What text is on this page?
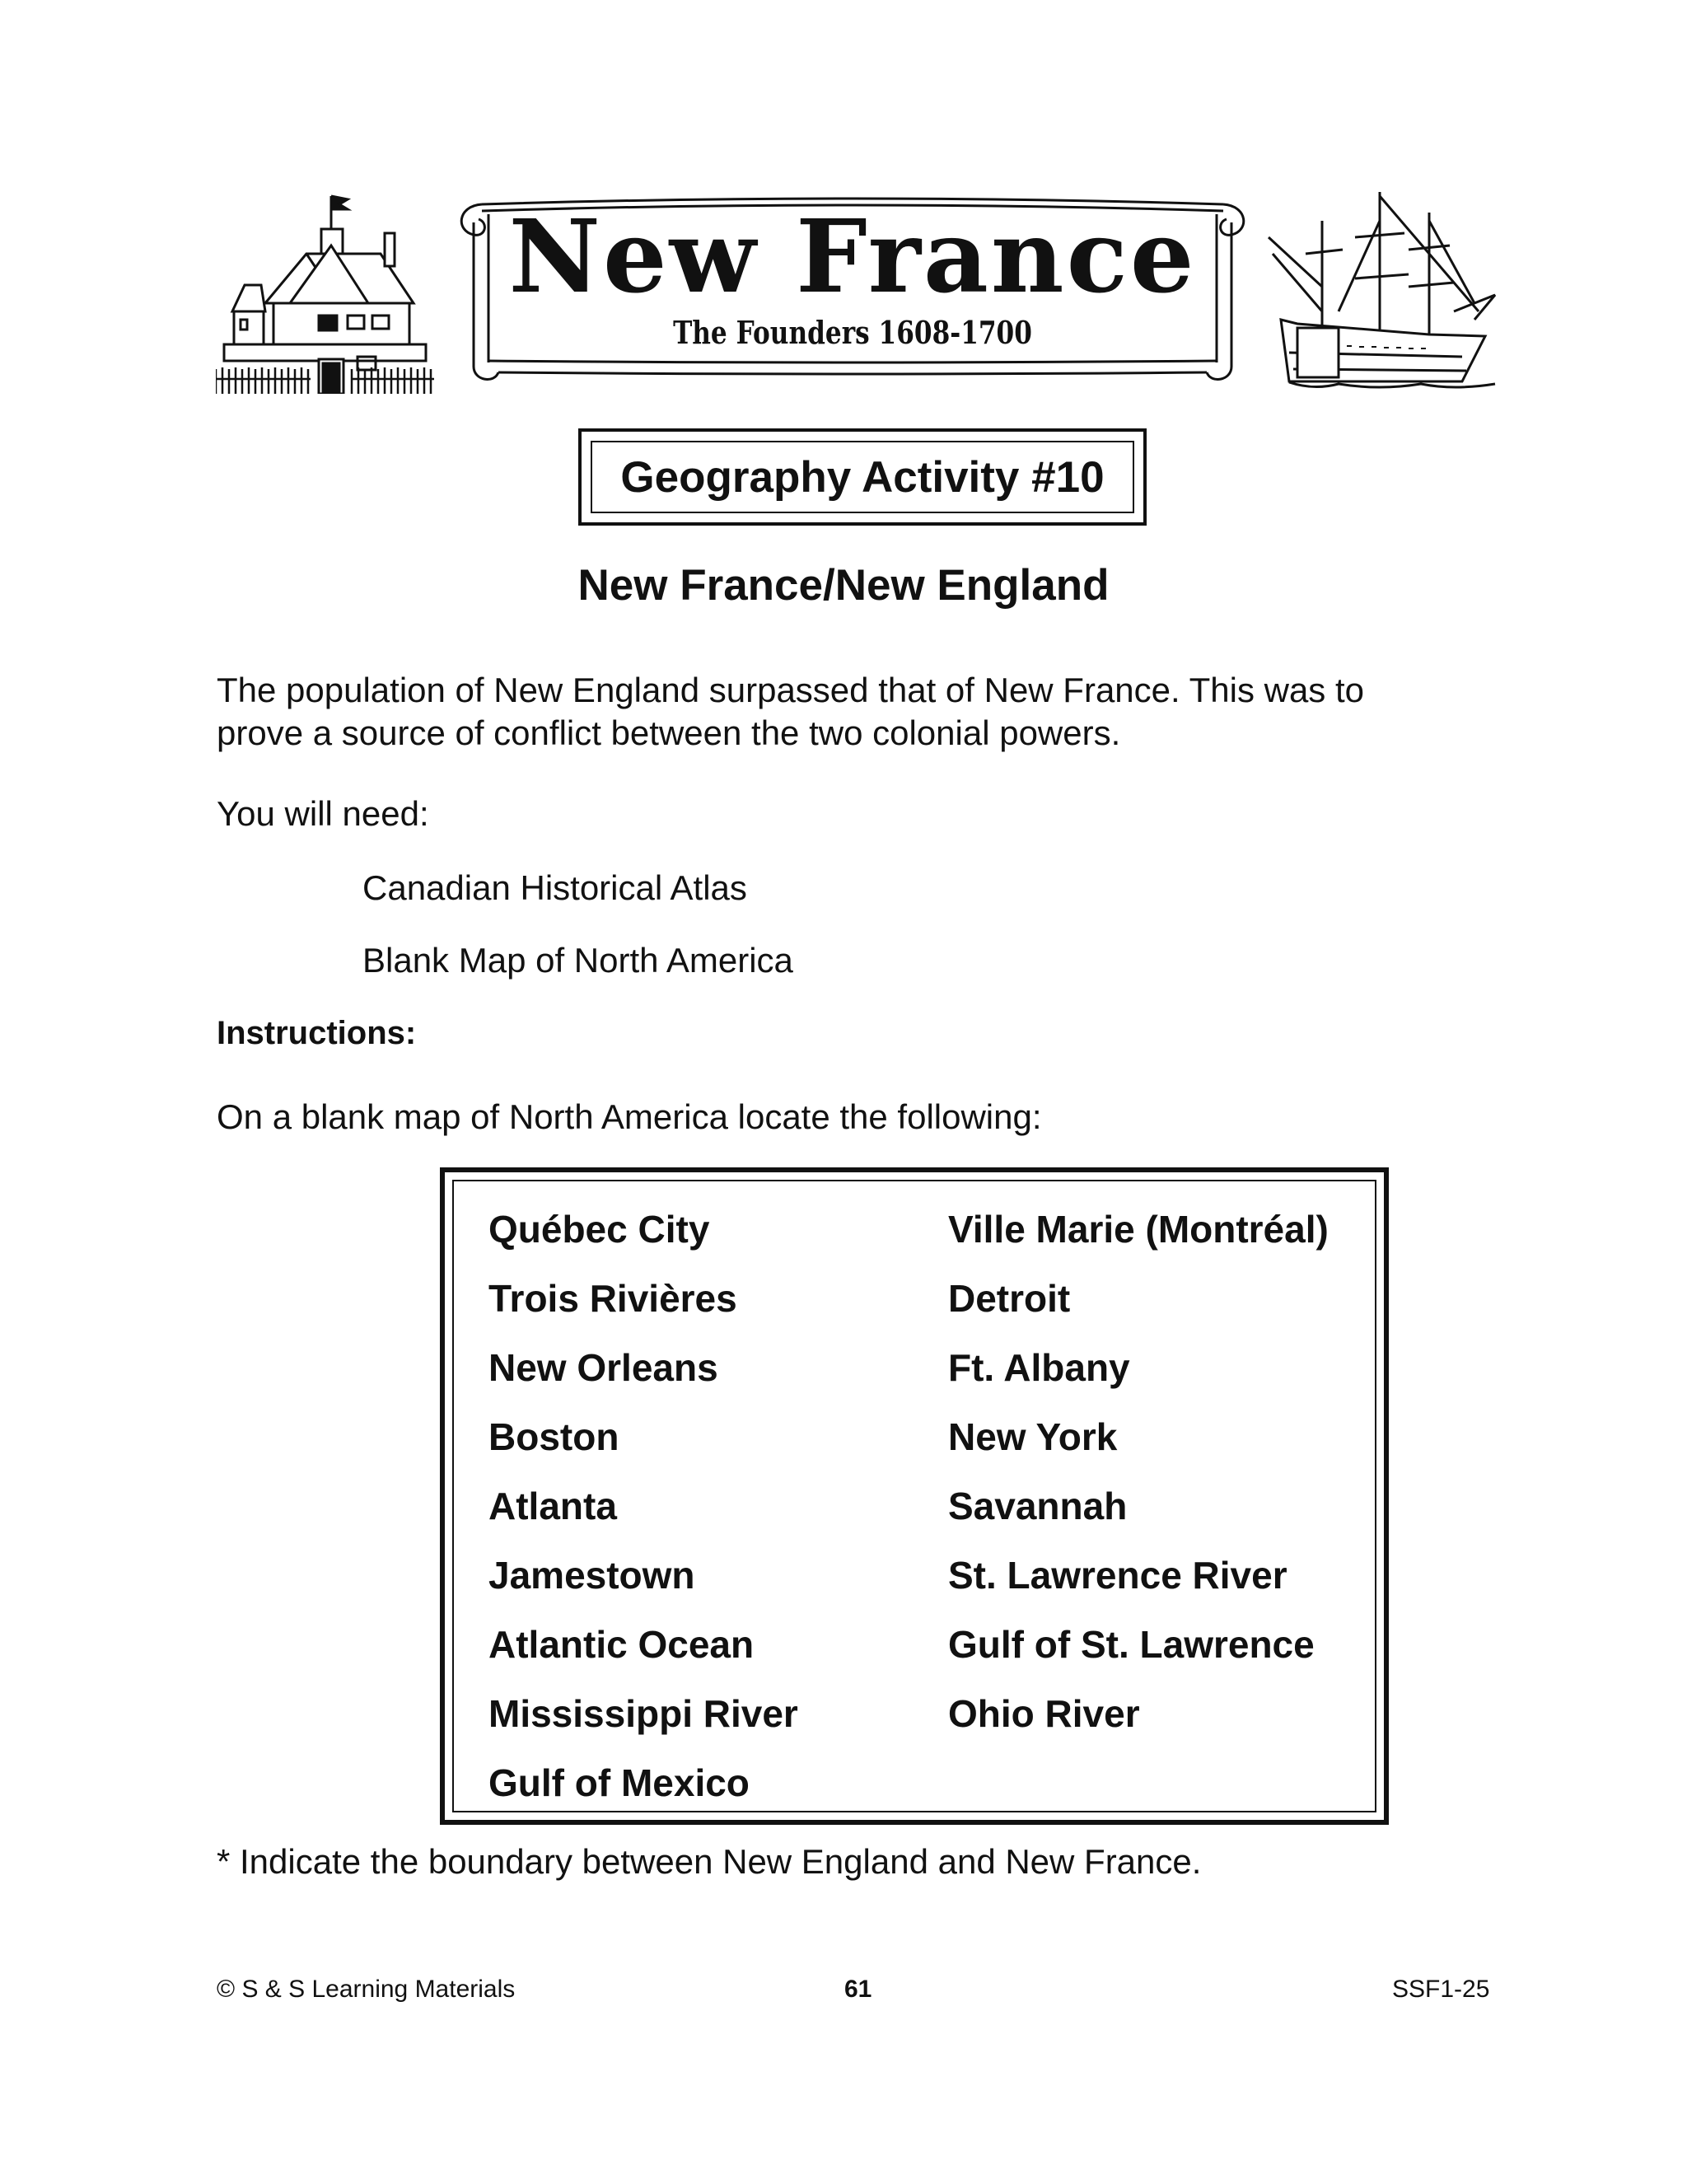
New France
The Founders 1608-1700
Geography Activity #10
New France/New England
The population of New England surpassed that of New France. This was to
prove a source of conflict between the two colonial powers.
You will need:
Canadian Historical Atlas
Blank Map of North America
Instructions:
On a blank map of North America locate the following:
Québec City
Trois Rivières
New Orleans
Boston
Atlanta
Jamestown
Atlantic Ocean
Mississippi River
Gulf of Mexico
Ville Marie (Montréal)
Detroit
Ft. Albany
New York
Savannah
St. Lawrence River
Gulf of St. Lawrence
Ohio River
* Indicate the boundary between New England and New France.
© S & S Learning Materials	61	SSF1-25
